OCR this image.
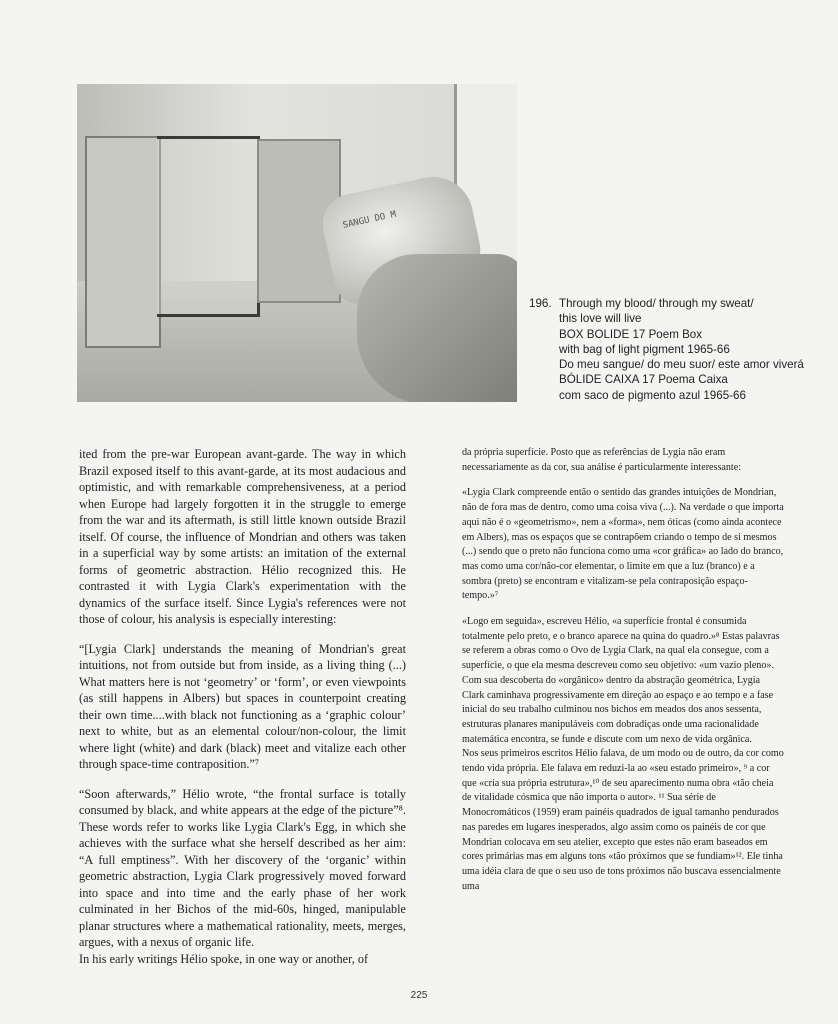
SANGU DO M
196. Through my blood/ through my sweat/
this love will live
BOX BOLIDE 17 Poem Box
with bag of light pigment 1965-66
Do meu sangue/ do meu suor/ este amor viverá
BÓLIDE CAIXA 17 Poema Caixa
com saco de pigmento azul 1965-66

ited from the pre-war European avant-garde. The way in which Brazil exposed itself to this avant-garde, at its most audacious and optimistic, and with remarkable comprehensiveness, at a period when Europe had largely forgotten it in the struggle to emerge from the war and its aftermath, is still little known outside Brazil itself. Of course, the influence of Mondrian and others was taken in a superficial way by some artists: an imitation of the external forms of geometric abstraction. Hélio recognized this. He contrasted it with Lygia Clark's experimentation with the dynamics of the surface itself. Since Lygia's references were not those of colour, his analysis is especially interesting:

“[Lygia Clark] understands the meaning of Mondrian's great intuitions, not from outside but from inside, as a living thing (...) What matters here is not ‘geometry’ or ‘form’, or even viewpoints (as still happens in Albers) but spaces in counterpoint creating their own time....with black not functioning as a ‘graphic colour’ next to white, but as an elemental colour/non-colour, the limit where light (white) and dark (black) meet and vitalize each other through space-time contraposition.”⁷

“Soon afterwards,” Hélio wrote, “the frontal surface is totally consumed by black, and white appears at the edge of the picture”⁸. These words refer to works like Lygia Clark's Egg, in which she achieves with the surface what she herself described as her aim: “A full emptiness”. With her discovery of the ‘organic’ within geometric abstraction, Lygia Clark progressively moved forward into space and into time and the early phase of her work culminated in her Bichos of the mid-60s, hinged, manipulable planar structures where a mathematical rationality, meets, merges, argues, with a nexus of organic life.

In his early writings Hélio spoke, in one way or another, of

da própria superfície. Posto que as referências de Lygia não eram necessariamente as da cor, sua análise é particularmente interessante:

«Lygia Clark compreende então o sentido das grandes intuições de Mondrian, não de fora mas de dentro, como uma coisa viva (...). Na verdade o que importa aqui não é o «geometrismo», nem a «forma», nem óticas (como ainda acontece em Albers), mas os espaços que se contrapõem criando o tempo de si mesmos (...) sendo que o preto não funciona como uma «cor gráfica» ao lado do branco, mas como uma cor/não-cor elementar, o limite em que a luz (branco) e a sombra (preto) se encontram e vitalizam-se pela contraposição espaço-tempo.»⁷

«Logo em seguida», escreveu Hélio, «a superfície frontal é consumida totalmente pelo preto, e o branco aparece na quina do quadro.»⁸ Estas palavras se referem a obras como o Ovo de Lygia Clark, na qual ela consegue, com a superfície, o que ela mesma descreveu como seu objetivo: «um vazio pleno».

Com sua descoberta do «orgânico» dentro da abstração geométrica, Lygia Clark caminhava progressivamente em direção ao espaço e ao tempo e a fase inicial do seu trabalho culminou nos bichos em meados dos anos sessenta, estruturas planares manipuláveis com dobradiças onde uma racionalidade matemática encontra, se funde e discute com um nexo de vida orgânica.

Nos seus primeiros escritos Hélio falava, de um modo ou de outro, da cor como tendo vida própria. Ele falava em reduzi-la ao «seu estado primeiro», ⁹ a cor que «cria sua própria estrutura»,¹⁰ de seu aparecimento numa obra «tão cheia de vitalidade cósmica que não importa o autor». ¹¹ Sua série de Monocromáticos (1959) eram painéis quadrados de igual tamanho pendurados nas paredes em lugares inesperados, algo assim como os painéis de cor que Mondrian colocava em seu atelier, excepto que estes não eram baseados em cores primárias mas em alguns tons «tão próximos que se fundiam»¹². Ele tinha uma idéia clara de que o seu uso de tons próximos não buscava essencialmente uma

225
